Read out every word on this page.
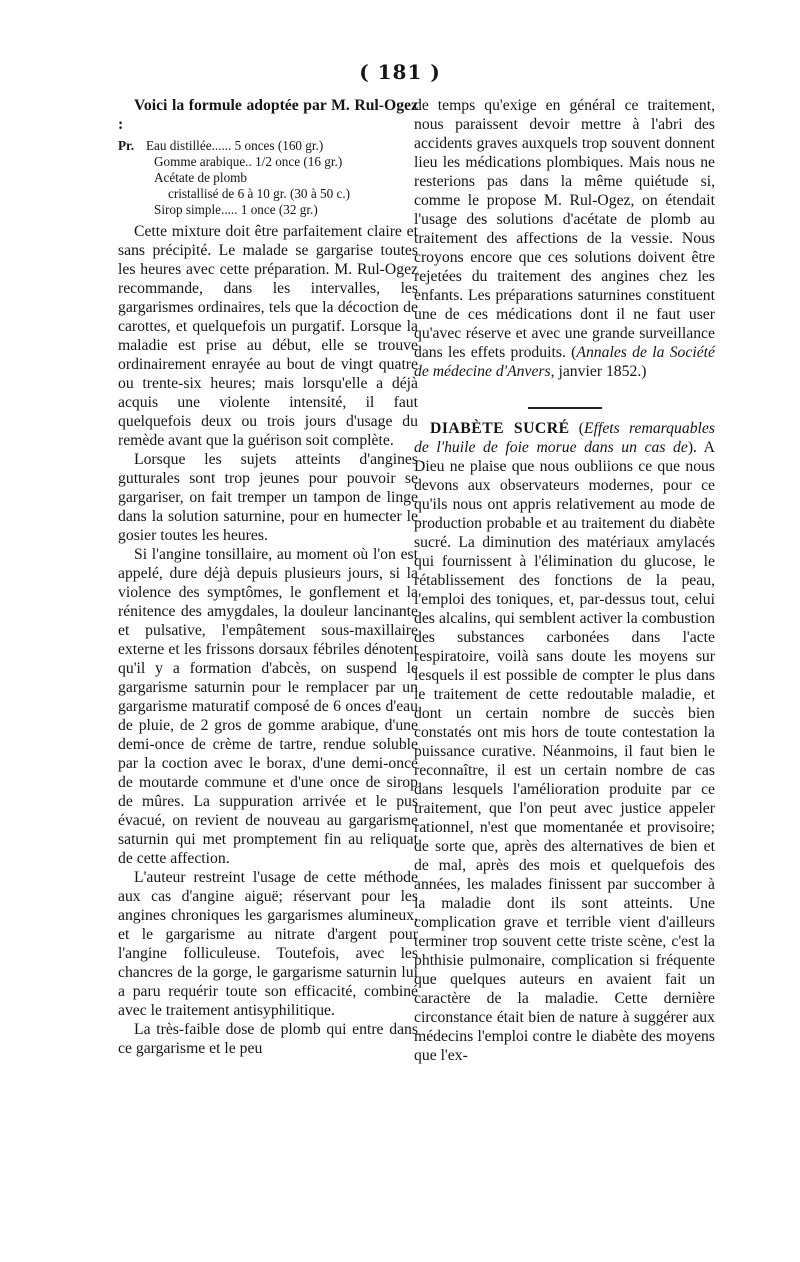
( 181 )

Voici la formule adoptée par M. Rul-Ogez :

Pr. Eau distillée...... 5 onces (160 gr.)
Gomme arabique.. 1/2 once (16 gr.)
Acétate de plomb
cristallisé de 6 à 10 gr. (30 à 50 c.)
Sirop simple..... 1 once (32 gr.)

Cette mixture doit être parfaitement claire et sans précipité. Le malade se gargarise toutes les heures avec cette préparation. M. Rul-Ogez recommande, dans les intervalles, les gargarismes ordinaires, tels que la décoction de carottes, et quelquefois un purgatif. Lorsque la maladie est prise au début, elle se trouve ordinairement enrayée au bout de vingt quatre ou trente-six heures; mais lorsqu'elle a déjà acquis une violente intensité, il faut quelquefois deux ou trois jours d'usage du remède avant que la guérison soit complète.

Lorsque les sujets atteints d'angines gutturales sont trop jeunes pour pouvoir se gargariser, on fait tremper un tampon de linge dans la solution saturnine, pour en humecter le gosier toutes les heures.

Si l'angine tonsillaire, au moment où l'on est appelé, dure déjà depuis plusieurs jours, si la violence des symptômes, le gonflement et la rénitence des amygdales, la douleur lancinante et pulsative, l'empâtement sous-maxillaire externe et les frissons dorsaux fébriles dénotent qu'il y a formation d'abcès, on suspend le gargarisme saturnin pour le remplacer par un gargarisme maturatif composé de 6 onces d'eau de pluie, de 2 gros de gomme arabique, d'une demi-once de crème de tartre, rendue soluble par la coction avec le borax, d'une demi-once de moutarde commune et d'une once de sirop de mûres. La suppuration arrivée et le pus évacué, on revient de nouveau au gargarisme saturnin qui met promptement fin au reliquat de cette affection.

L'auteur restreint l'usage de cette méthode aux cas d'angine aiguë; réservant pour les angines chroniques les gargarismes alumineux, et le gargarisme au nitrate d'argent pour l'angine folliculeuse. Toutefois, avec les chancres de la gorge, le gargarisme saturnin lui a paru requérir toute son efficacité, combiné avec le traitement antisyphilitique.

La très-faible dose de plomb qui entre dans ce gargarisme et le peu

de temps qu'exige en général ce traitement, nous paraissent devoir mettre à l'abri des accidents graves auxquels trop souvent donnent lieu les médications plombiques. Mais nous ne resterions pas dans la même quiétude si, comme le propose M. Rul-Ogez, on étendait l'usage des solutions d'acétate de plomb au traitement des affections de la vessie. Nous croyons encore que ces solutions doivent être rejetées du traitement des angines chez les enfants. Les préparations saturnines constituent une de ces médications dont il ne faut user qu'avec réserve et avec une grande surveillance dans les effets produits. (Annales de la Société de médecine d'Anvers, janvier 1852.)

DIABÈTE SUCRÉ (Effets remarquables de l'huile de foie morue dans un cas de). A Dieu ne plaise que nous oubliions ce que nous devons aux observateurs modernes, pour ce qu'ils nous ont appris relativement au mode de production probable et au traitement du diabète sucré. La diminution des matériaux amylacés qui fournissent à l'élimination du glucose, le rétablissement des fonctions de la peau, l'emploi des toniques, et, par-dessus tout, celui des alcalins, qui semblent activer la combustion des substances carbonées dans l'acte respiratoire, voilà sans doute les moyens sur lesquels il est possible de compter le plus dans le traitement de cette redoutable maladie, et dont un certain nombre de succès bien constatés ont mis hors de toute contestation la puissance curative. Néanmoins, il faut bien le reconnaître, il est un certain nombre de cas dans lesquels l'amélioration produite par ce traitement, que l'on peut avec justice appeler rationnel, n'est que momentanée et provisoire; de sorte que, après des alternatives de bien et de mal, après des mois et quelquefois des années, les malades finissent par succomber à la maladie dont ils sont atteints. Une complication grave et terrible vient d'ailleurs terminer trop souvent cette triste scène, c'est la phthisie pulmonaire, complication si fréquente que quelques auteurs en avaient fait un caractère de la maladie. Cette dernière circonstance était bien de nature à suggérer aux médecins l'emploi contre le diabète des moyens que l'ex-
